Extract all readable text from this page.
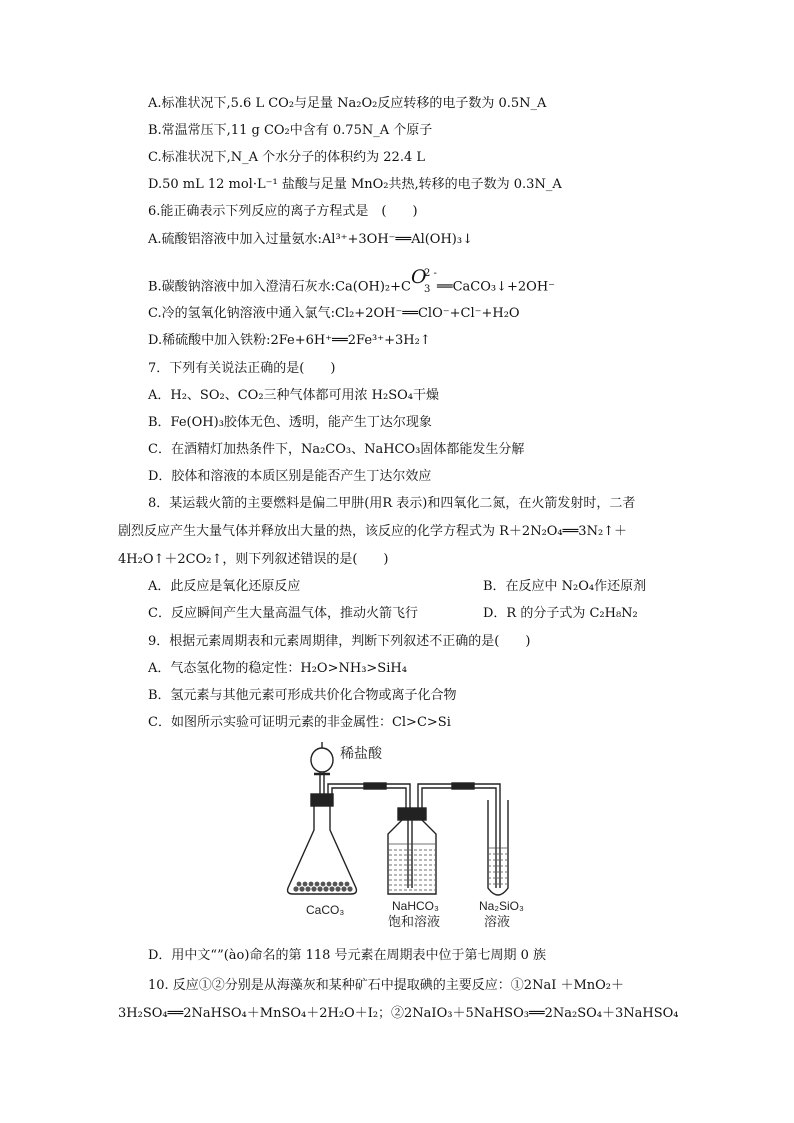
A.标准状况下,5.6 L CO₂与足量 Na₂O₂反应转移的电子数为 0.5N_A
B.常温常压下,11 g CO₂中含有 0.75N_A 个原子
C.标准状况下,N_A 个水分子的体积约为 22.4 L
D.50 mL 12 mol·L⁻¹ 盐酸与足量 MnO₂共热,转移的电子数为 0.3N_A
6.能正确表示下列反应的离子方程式是　(　　)
A.硫酸铝溶液中加入过量氨水:Al³⁺+3OH⁻══Al(OH)₃↓
B.碳酸钠溶液中加入澄清石灰水:Ca(OH)₂+C O
2 -
3 ══CaCO₃↓+2OH⁻
C.冷的氢氧化钠溶液中通入氯气:Cl₂+2OH⁻══ClO⁻+Cl⁻+H₂O
D.稀硫酸中加入铁粉:2Fe+6H⁺══2Fe³⁺+3H₂↑
7．下列有关说法正确的是(　　)
A．H₂、SO₂、CO₂三种气体都可用浓 H₂SO₄干燥
B．Fe(OH)₃胶体无色、透明，能产生丁达尔现象
C．在酒精灯加热条件下，Na₂CO₃、NaHCO₃固体都能发生分解
D．胶体和溶液的本质区别是能否产生丁达尔效应
8．某运载火箭的主要燃料是偏二甲肼(用R 表示)和四氧化二氮，在火箭发射时，二者
剧烈反应产生大量气体并释放出大量的热，该反应的化学方程式为 R＋2N₂O₄══3N₂↑＋
4H₂O↑＋2CO₂↑，则下列叙述错误的是(　　)
A．此反应是氧化还原反应	B．在反应中 N₂O₄作还原剂
C．反应瞬间产生大量高温气体，推动火箭飞行	D．R 的分子式为 C₂H₈N₂
9．根据元素周期表和元素周期律，判断下列叙述不正确的是(　　)
A．气态氢化物的稳定性：H₂O>NH₃>SiH₄
B．氢元素与其他元素可形成共价化合物或离子化合物
C．如图所示实验可证明元素的非金属性：Cl>C>Si
稀盐酸
CaCO₃	NaHCO₃
饱和溶液
Na₂SiO₃
溶液
D．用中文“”(ào)命名的第 118 号元素在周期表中位于第七周期 0 族
10. 反应①②分别是从海藻灰和某种矿石中提取碘的主要反应：①2NaI ＋MnO₂＋
3H₂SO₄══2NaHSO₄＋MnSO₄＋2H₂O＋I₂；②2NaIO₃＋5NaHSO₃══2Na₂SO₄＋3NaHSO₄
